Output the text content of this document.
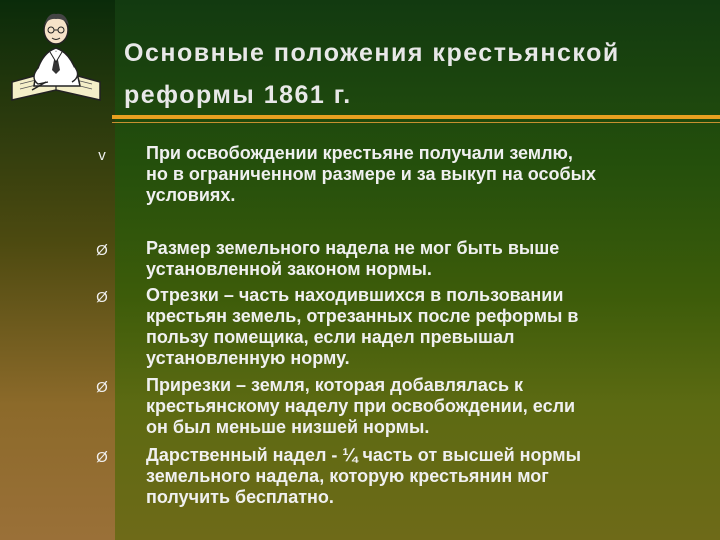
Основные положения крестьянской
реформы 1861 г.
v При освобождении крестьяне получали землю,
но в ограниченном размере и за выкуп на особых
условиях.
Ø Размер земельного надела не мог быть выше
установленной законом нормы.
Ø Отрезки – часть находившихся в пользовании
крестьян земель, отрезанных после реформы в
пользу помещика, если надел превышал
установленную норму.
Ø Прирезки – земля, которая добавлялась к
крестьянскому наделу при освобождении, если
он был меньше низшей нормы.
Ø Дарственный надел - ¼ часть от высшей нормы
земельного надела, которую крестьянин мог
получить бесплатно.
